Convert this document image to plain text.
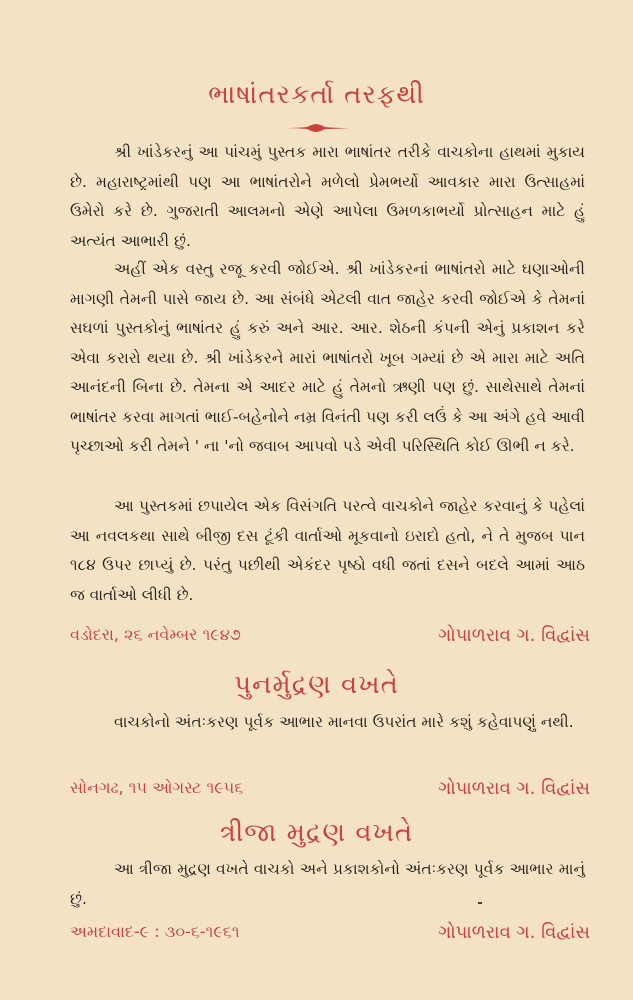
ભાષાંતરકર્તા તરફથી

શ્રી ખાંડેકરનું આ પાંચમું પુસ્તક મારા ભાષાંતર તરીકે વાચકોના હાથમાં મુકાય છે. મહારાષ્ટ્રમાંથી પણ આ ભાષાંતરોને મળેલો પ્રેમભર્યો આવકાર મારા ઉત્સાહમાં ઉમેરો કરે છે. ગુજરાતી આલમનો એણે આપેલા ઉમળકાભર્યો પ્રોત્સાહન માટે હું અત્યંત આભારી છું.

અહીં એક વસ્તુ રજૂ કરવી જોઈએ. શ્રી ખાંડેકરનાં ભાષાંતરો માટે ઘણાઓની માગણી તેમની પાસે જાય છે. આ સંબંધે એટલી વાત જાહેર કરવી જોઈએ કે તેમનાં સઘળાં પુસ્તકોનું ભાષાંતર હું કરું અને આર. આર. શેઠની કંપની એનું પ્રકાશન કરે એવા કરારો થયા છે. શ્રી ખાંડેકરને મારાં ભાષાંતરો ખૂબ ગમ્યાં છે એ મારા માટે અતિ આનંદની બિના છે. તેમના એ આદર માટે હું તેમનો ઋણી પણ છું. સાથેસાથે તેમનાં ભાષાંતર કરવા માગતાં ભાઈ-બહેનોને નમ્ર વિનંતી પણ કરી લઉં કે આ અંગે હવે આવી પૃચ્છાઓ કરી તેમને ' ના 'નો જવાબ આપવો પડે એવી પરિસ્થિતિ કોઈ ઊભી ન કરે.

આ પુસ્તકમાં છપાયેલ એક વિસંગતિ પરત્વે વાચકોને જાહેર કરવાનું કે પહેલાં આ નવલકથા સાથે બીજી દસ ટૂંકી વાર્તાઓ મૂકવાનો ઇરાદો હતો, ને તે મુજબ પાન ૧૮૪ ઉપર છાપ્યું છે. પરંતુ પછીથી એકંદર પૃષ્ઠો વધી જતાં દસને બદલે આમાં આઠ જ વાર્તાઓ લીધી છે.

વડોદરા, ૨૬ નવેમ્બર ૧૯૪૭	ગોપાળરાવ ગ. વિદ્વાંસ
પુનર્મુદ્રણ વખતે

વાચકોનો અંતઃકરણ પૂર્વક આભાર માનવા ઉપરાંત મારે કશું કહેવાપણું નથી.

સોનગઢ, ૧૫ ઓગસ્ટ ૧૯૫૬	ગોપાળરાવ ગ. વિદ્વાંસ
ત્રીજા મુદ્રણ વખતે

આ ત્રીજા મુદ્રણ વખતે વાચકો અને પ્રકાશકોનો અંતઃકરણ પૂર્વક આભાર માનું છું.

અમદાવાદ-૯ : ૩૦-૬-૧૯૬૧	ગોપાળરાવ ગ. વિદ્વાંસ
